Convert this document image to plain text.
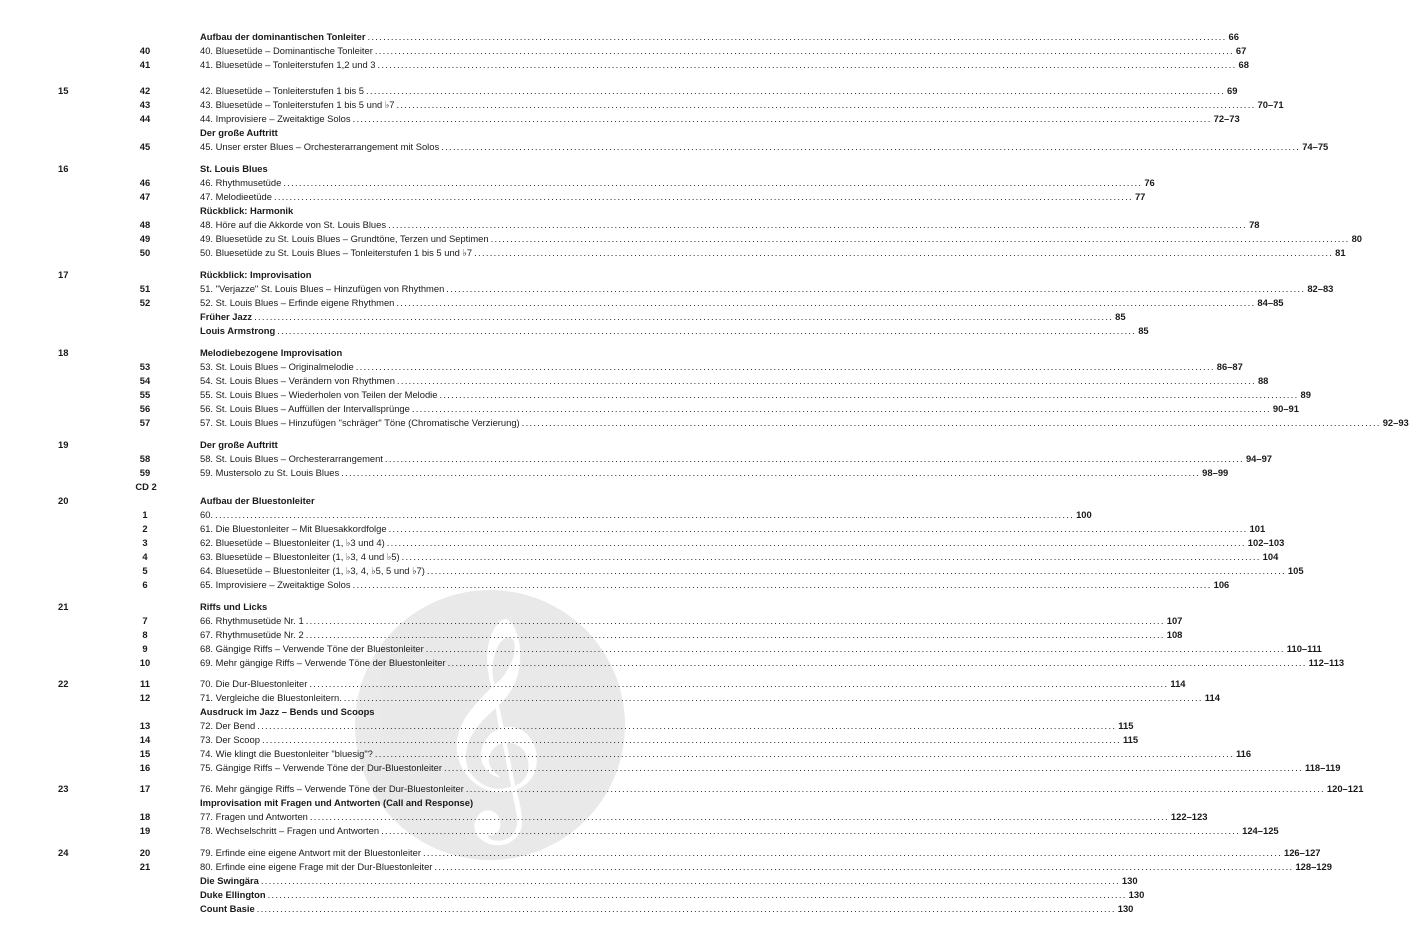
𝄞
Aufbau der dominantischen Tonleiter ............................................................................................................................................................................................................................ 66
40	40. Bluesetüde – Dominantische Tonleiter ............................................................................................................................................................................................................................ 67
41	41. Bluesetüde – Tonleiterstufen 1,2 und 3 ............................................................................................................................................................................................................................ 68
15	42	42. Bluesetüde – Tonleiterstufen 1 bis 5 ............................................................................................................................................................................................................................ 69
43	43. Bluesetüde – Tonleiterstufen 1 bis 5 und ♭7 ............................................................................................................................................................................................................................ 70–71
44	44. Improvisiere – Zweitaktige Solos ............................................................................................................................................................................................................................ 72–73
Der große Auftritt
45	45. Unser erster Blues – Orchesterarrangement mit Solos ............................................................................................................................................................................................................................ 74–75
16	St. Louis Blues
46	46. Rhythmusetüde ............................................................................................................................................................................................................................ 76
47	47. Melodieetüde ............................................................................................................................................................................................................................ 77
Rückblick: Harmonik
48	48. Höre auf die Akkorde von St. Louis Blues ............................................................................................................................................................................................................................ 78
49	49. Bluesetüde zu St. Louis Blues – Grundtöne, Terzen und Septimen ............................................................................................................................................................................................................................ 80
50	50. Bluesetüde zu St. Louis Blues – Tonleiterstufen 1 bis 5 und ♭7 ............................................................................................................................................................................................................................ 81
17	Rückblick: Improvisation
51	51. "Verjazze" St. Louis Blues – Hinzufügen von Rhythmen ............................................................................................................................................................................................................................ 82–83
52	52. St. Louis Blues – Erfinde eigene Rhythmen ............................................................................................................................................................................................................................ 84–85
Früher Jazz ............................................................................................................................................................................................................................ 85
Louis Armstrong ............................................................................................................................................................................................................................ 85
18	Melodiebezogene Improvisation
53	53. St. Louis Blues – Originalmelodie ............................................................................................................................................................................................................................ 86–87
54	54. St. Louis Blues – Verändern von Rhythmen ............................................................................................................................................................................................................................ 88
55	55. St. Louis Blues – Wiederholen von Teilen der Melodie ............................................................................................................................................................................................................................ 89
56	56. St. Louis Blues – Auffüllen der Intervallsprünge ............................................................................................................................................................................................................................ 90–91
57	57. St. Louis Blues – Hinzufügen "schräger" Töne (Chromatische Verzierung) ............................................................................................................................................................................................................................ 92–93
19	Der große Auftritt
58	58. St. Louis Blues – Orchesterarrangement ............................................................................................................................................................................................................................ 94–97
59	59. Mustersolo zu St. Louis Blues ............................................................................................................................................................................................................................ 98–99
CD 2
20	Aufbau der Bluestonleiter
1	60. ............................................................................................................................................................................................................................ 100
2	61. Die Bluestonleiter – Mit Bluesakkordfolge ............................................................................................................................................................................................................................ 101
3	62. Bluesetüde – Bluestonleiter (1, ♭3 und 4) ............................................................................................................................................................................................................................ 102–103
4	63. Bluesetüde – Bluestonleiter (1, ♭3, 4 und ♭5) ............................................................................................................................................................................................................................ 104
5	64. Bluesetüde – Bluestonleiter (1, ♭3, 4, ♭5, 5 und ♭7) ............................................................................................................................................................................................................................ 105
6	65. Improvisiere – Zweitaktige Solos ............................................................................................................................................................................................................................ 106
21	Riffs und Licks
7	66. Rhythmusetüde Nr. 1 ............................................................................................................................................................................................................................ 107
8	67. Rhythmusetüde Nr. 2 ............................................................................................................................................................................................................................ 108
9	68. Gängige Riffs – Verwende Töne der Bluestonleiter ............................................................................................................................................................................................................................ 110–111
10	69. Mehr gängige Riffs – Verwende Töne der Bluestonleiter ............................................................................................................................................................................................................................ 112–113
22	11	70. Die Dur-Bluestonleiter ............................................................................................................................................................................................................................ 114
12	71. Vergleiche die Bluestonleitern. ............................................................................................................................................................................................................................ 114
Ausdruck im Jazz – Bends und Scoops
13	72. Der Bend ............................................................................................................................................................................................................................ 115
14	73. Der Scoop ............................................................................................................................................................................................................................ 115
15	74. Wie klingt die Buestonleiter "bluesig"? ............................................................................................................................................................................................................................ 116
16	75. Gängige Riffs – Verwende Töne der Dur-Bluestonleiter ............................................................................................................................................................................................................................ 118–119
23	17	76. Mehr gängige Riffs – Verwende Töne der Dur-Bluestonleiter ............................................................................................................................................................................................................................ 120–121
Improvisation mit Fragen und Antworten (Call and Response)
18	77. Fragen und Antworten ............................................................................................................................................................................................................................ 122–123
19	78. Wechselschritt – Fragen und Antworten ............................................................................................................................................................................................................................ 124–125
24	20	79. Erfinde eine eigene Antwort mit der Bluestonleiter ............................................................................................................................................................................................................................ 126–127
21	80. Erfinde eine eigene Frage mit der Dur-Bluestonleiter ............................................................................................................................................................................................................................ 128–129
Die Swingära ............................................................................................................................................................................................................................ 130
Duke Ellington ............................................................................................................................................................................................................................ 130
Count Basie ............................................................................................................................................................................................................................ 130
